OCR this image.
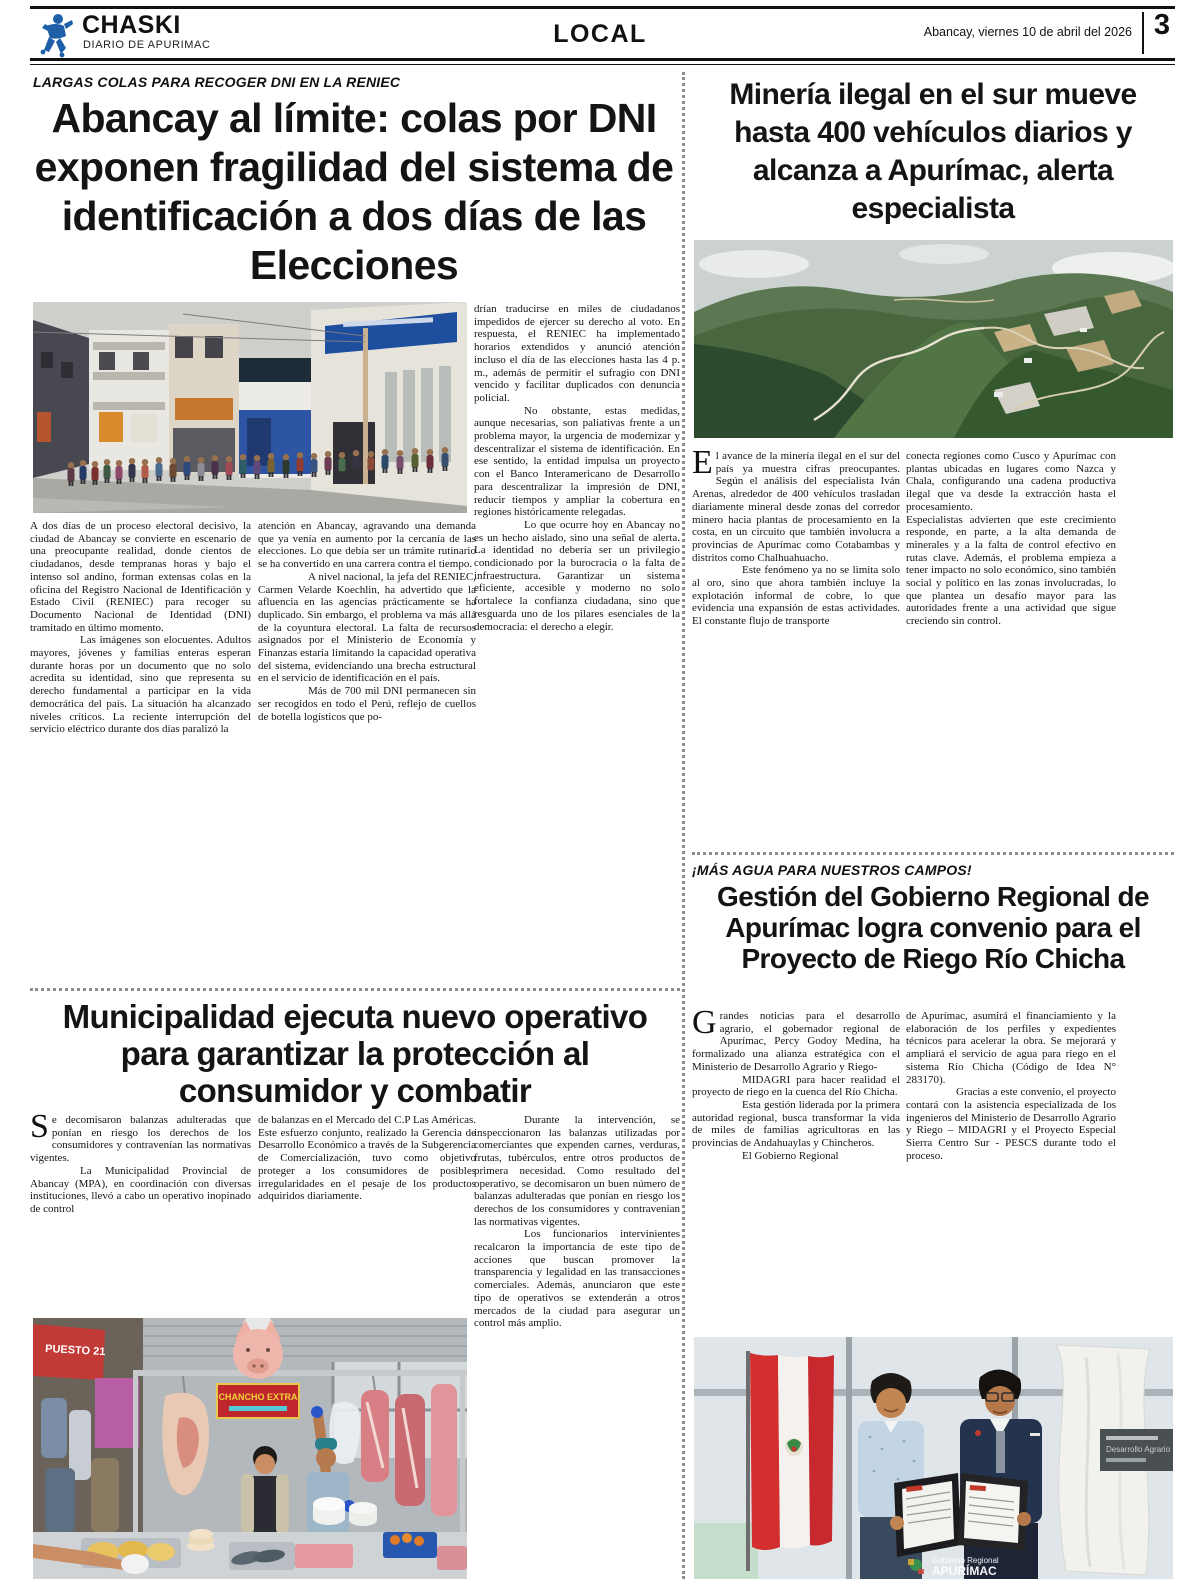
CHASKI
DIARIO DE APURIMAC	LOCAL	Abancay, viernes 10 de abril del 2026 3
LARGAS COLAS PARA RECOGER DNI EN LA RENIEC
Abancay al límite: colas por DNI exponen fragilidad del sistema de identificación a dos días de las Elecciones

A dos días de un proceso electoral decisivo, la ciudad de Abancay se convierte en escenario de una preocupante realidad, donde cientos de ciudadanos, desde tempranas horas y bajo el intenso sol andino, forman extensas colas en la oficina del Registro Nacional de Identificación y Estado Civil (RENIEC) para recoger su Documento Nacional de Identidad (DNI) tramitado en último momento.

Las imágenes son elocuentes. Adultos mayores, jóvenes y familias enteras esperan durante horas por un documento que no solo acredita su identidad, sino que representa su derecho fundamental a participar en la vida democrática del país. La situación ha alcanzado niveles críticos. La reciente interrupción del servicio eléctrico durante dos días paralizó la

atención en Abancay, agravando una demanda que ya venía en aumento por la cercanía de las elecciones. Lo que debía ser un trámite rutinario se ha convertido en una carrera contra el tiempo.

A nivel nacional, la jefa del RENIEC, Carmen Velarde Koechlin, ha advertido que la afluencia en las agencias prácticamente se ha duplicado. Sin embargo, el problema va más allá de la coyuntura electoral. La falta de recursos asignados por el Ministerio de Economía y Finanzas estaría limitando la capacidad operativa del sistema, evidenciando una brecha estructural en el servicio de identificación en el país.

Más de 700 mil DNI permanecen sin ser recogidos en todo el Perú, reflejo de cuellos de botella logísticos que po-

drían traducirse en miles de ciudadanos impedidos de ejercer su derecho al voto. En respuesta, el RENIEC ha implementado horarios extendidos y anunció atención incluso el día de las elecciones hasta las 4 p. m., además de permitir el sufragio con DNI vencido y facilitar duplicados con denuncia policial.

No obstante, estas medidas, aunque necesarias, son paliativas frente a un problema mayor, la urgencia de modernizar y descentralizar el sistema de identificación. En ese sentido, la entidad impulsa un proyecto con el Banco Interamericano de Desarrollo para descentralizar la impresión de DNI, reducir tiempos y ampliar la cobertura en regiones históricamente relegadas.

Lo que ocurre hoy en Abancay no es un hecho aislado, sino una señal de alerta. La identidad no debería ser un privilegio condicionado por la burocracia o la falta de infraestructura. Garantizar un sistema eficiente, accesible y moderno no solo fortalece la confianza ciudadana, sino que resguarda uno de los pilares esenciales de la democracia: el derecho a elegir.

Municipalidad ejecuta nuevo operativo para garantizar la protección al consumidor y combatir

Se decomisaron balanzas adulteradas que ponían en riesgo los derechos de los consumidores y contravenían las normativas vigentes.

La Municipalidad Provincial de Abancay (MPA), en coordinación con diversas instituciones, llevó a cabo un operativo inopinado de control

de balanzas en el Mercado del C.P Las Américas. Este esfuerzo conjunto, realizado la Gerencia de Desarrollo Económico a través de la Subgerencia de Comercialización, tuvo como objetivo proteger a los consumidores de posibles irregularidades en el pesaje de los productos adquiridos diariamente.

Durante la intervención, se inspeccionaron las balanzas utilizadas por comerciantes que expenden carnes, verduras, frutas, tubérculos, entre otros productos de primera necesidad. Como resultado del operativo, se decomisaron un buen número de balanzas adulteradas que ponían en riesgo los derechos de los consumidores y contravenían las normativas vigentes.

Los funcionarios intervinientes recalcaron la importancia de este tipo de acciones que buscan promover la transparencia y legalidad en las transacciones comerciales. Además, anunciaron que este tipo de operativos se extenderán a otros mercados de la ciudad para asegurar un control más amplio.

PUESTO 21
CHANCHO EXTRA
Minería ilegal en el sur mueve hasta 400 vehículos diarios y alcanza a Apurímac, alerta especialista

El avance de la minería ilegal en el sur del país ya muestra cifras preocupantes. Según el análisis del especialista Iván Arenas, alrededor de 400 vehículos trasladan diariamente mineral desde zonas del corredor minero hacia plantas de procesamiento en la costa, en un circuito que también involucra a provincias de Apurímac como Cotabambas y distritos como Chalhuahuacho.

Este fenómeno ya no se limita solo al oro, sino que ahora también incluye la explotación informal de cobre, lo que evidencia una expansión de estas actividades. El constante flujo de transporte

conecta regiones como Cusco y Apurímac con plantas ubicadas en lugares como Nazca y Chala, configurando una cadena productiva ilegal que va desde la extracción hasta el procesamiento.

Especialistas advierten que este crecimiento responde, en parte, a la alta demanda de minerales y a la falta de control efectivo en rutas clave. Además, el problema empieza a tener impacto no solo económico, sino también social y político en las zonas involucradas, lo que plantea un desafío mayor para las autoridades frente a una actividad que sigue creciendo sin control.

¡MÁS AGUA PARA NUESTROS CAMPOS!
Gestión del Gobierno Regional de Apurímac logra convenio para el Proyecto de Riego Río Chicha

Grandes noticias para el desarrollo agrario, el gobernador regional de Apurímac, Percy Godoy Medina, ha formalizado una alianza estratégica con el Ministerio de Desarrollo Agrario y Riego-

MIDAGRI para hacer realidad el proyecto de riego en la cuenca del Río Chicha.

Esta gestión liderada por la primera autoridad regional, busca transformar la vida de miles de familias agricultoras en las provincias de Andahuaylas y Chincheros.

El Gobierno Regional

de Apurímac, asumirá el financiamiento y la elaboración de los perfiles y expedientes técnicos para acelerar la obra. Se mejorará y ampliará el servicio de agua para riego en el sistema Río Chicha (Código de Idea N° 283170).

Gracias a este convenio, el proyecto contará con la asistencia especializada de los ingenieros del Ministerio de Desarrollo Agrario y Riego – MIDAGRI y el Proyecto Especial Sierra Centro Sur - PESCS durante todo el proceso.

Desarrollo Agrario
Gobierno Regional
APURÍMAC
